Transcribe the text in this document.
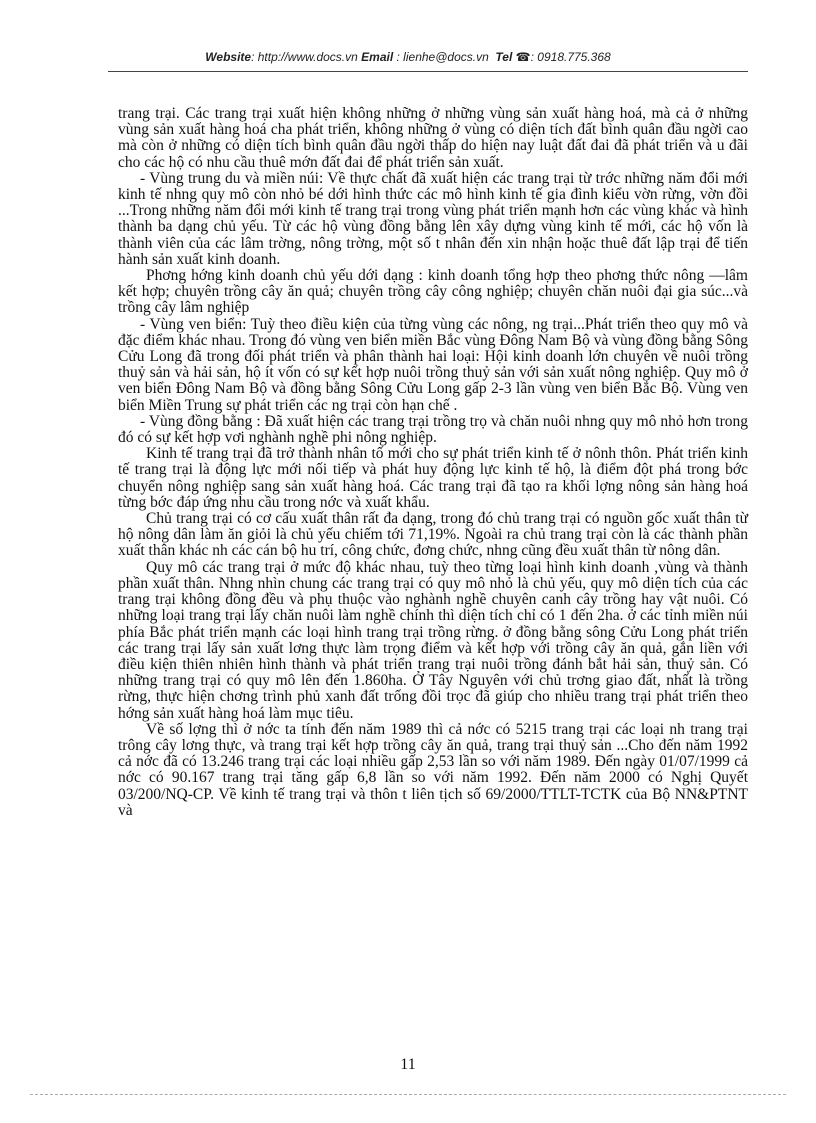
Website: http://www.docs.vn Email : lienhe@docs.vn Tel ☎: 0918.775.368

trang trại. Các trang trại xuất hiện không những ở những vùng sản xuất hàng hoá, mà cả ở những vùng sản xuất hàng hoá cha phát triển, không những ở vùng có diện tích đất bình quân đầu ngời cao mà còn ở những có diện tích bình quân đầu ngời thấp do hiện nay luật đất đai đã phát triển và u đãi cho các hộ có nhu cầu thuê mớn đất đai để phát triển sản xuất.

- Vùng trung du và miền núi: Về thực chất đã xuất hiện các trang trại từ trớc những năm đổi mới kinh tế nhng quy mô còn nhỏ bé dới hình thức các mô hình kinh tế gia đình kiểu vờn rừng, vờn đồi ...Trong những năm đổi mới kinh tế trang trại trong vùng phát triển mạnh hơn các vùng khác và hình thành ba dạng chủ yếu. Từ các hộ vùng đồng bằng lên xây dựng vùng kinh tế mới, các hộ vốn là thành viên của các lâm trờng, nông trờng, một số t nhân đến xin nhận hoặc thuê đất lập trại để tiến hành sản xuất kinh doanh.

Phơng hớng kinh doanh chủ yếu dới dạng : kinh doanh tổng hợp theo phơng thức nông —lâm kết hợp; chuyên trồng cây ăn quả; chuyên trồng cây công nghiệp; chuyên chăn nuôi đại gia súc...và trồng cây lâm nghiệp

- Vùng ven biển: Tuỳ theo điều kiện của từng vùng các nông, ng trại...Phát triển theo quy mô và đặc điểm khác nhau. Trong đó vùng ven biển miền Bắc vùng Đông Nam Bộ và vùng đồng bằng Sông Cửu Long đã trong đối phát triển và phân thành hai loại: Hội kinh doanh lớn chuyên về nuôi trồng thuỷ sản và hải sản, hộ ít vốn có sự kết hợp nuôi trồng thuỷ sản với sản xuất nông nghiệp. Quy mô ở ven biển Đông Nam Bộ và đồng bằng Sông Cửu Long gấp 2-3 lần vùng ven biển Bắc Bộ. Vùng ven biển Miền Trung sự phát triển các ng trại còn hạn chế .

- Vùng đồng bằng : Đã xuất hiện các trang trại trồng trọ và chăn nuôi nhng quy mô nhỏ hơn trong đó có sự kết hợp vơi nghành nghề phi nông nghiệp.

Kinh tế trang trại đã trở thành nhân tố mới cho sự phát triển kinh tế ở nônh thôn. Phát triển kinh tế trang trại là động lực mới nối tiếp và phát huy động lực kinh tế hộ, là điểm đột phá trong bớc chuyển nông nghiệp sang sản xuất hàng hoá. Các trang trại đã tạo ra khối lợng nông sản hàng hoá từng bớc đáp ứng nhu cầu trong nớc và xuất khẩu.

Chủ trang trại có cơ cấu xuất thân rất đa dạng, trong đó chủ trang trại có nguồn gốc xuất thân từ hộ nông dân làm ăn giỏi là chủ yếu chiếm tới 71,19%. Ngoài ra chủ trang trại còn là các thành phần xuất thân khác nh các cán bộ hu trí, công chức, đơng chức, nhng cũng đều xuất thân từ nông dân.

Quy mô các trang trại ở mức độ khác nhau, tuỳ theo từng loại hình kinh doanh ,vùng và thành phần xuất thân. Nhng nhìn chung các trang trại có quy mô nhỏ là chủ yếu, quy mô diện tích của các trang trại không đồng đều và phụ thuộc vào nghành nghề chuyên canh cây trồng hay vật nuôi. Có những loại trang trại lấy chăn nuôi làm nghề chính thì diện tích chỉ có 1 đến 2ha. ở các tỉnh miền núi phía Bắc phát triển mạnh các loại hình trang trại trồng rừng. ở đồng bằng sông Cửu Long phát triển các trang trại lấy sản xuất lơng thực làm trọng điểm và kết hợp với trồng cây ăn quả, gắn liền với điều kiện thiên nhiên hình thành và phát triển trang trại nuôi trồng đánh bắt hải sản, thuỷ sản. Có những trang trại có quy mô lên đến 1.860ha. Ở Tây Nguyên với chủ trơng giao đất, nhất là trồng rừng, thực hiện chơng trình phủ xanh đất trống đồi trọc đã giúp cho nhiều trang trại phát triển theo hớng sản xuất hàng hoá làm mục tiêu.

Về số lợng thì ở nớc ta tính đến năm 1989 thì cả nớc có 5215 trang trại các loại nh trang trại trông cây lơng thực, và trang trại kết hợp trồng cây ăn quả, trang trại thuỷ sản ...Cho đến năm 1992 cả nớc đã có 13.246 trang trại các loại nhiều gấp 2,53 lần so với năm 1989. Đến ngày 01/07/1999 cả nớc có 90.167 trang trại tăng gấp 6,8 lần so với năm 1992. Đến năm 2000 có Nghị Quyết 03/200/NQ-CP. Về kinh tế trang trại và thôn t liên tịch số 69/2000/TTLT-TCTK của Bộ NN&PTNT và

11
